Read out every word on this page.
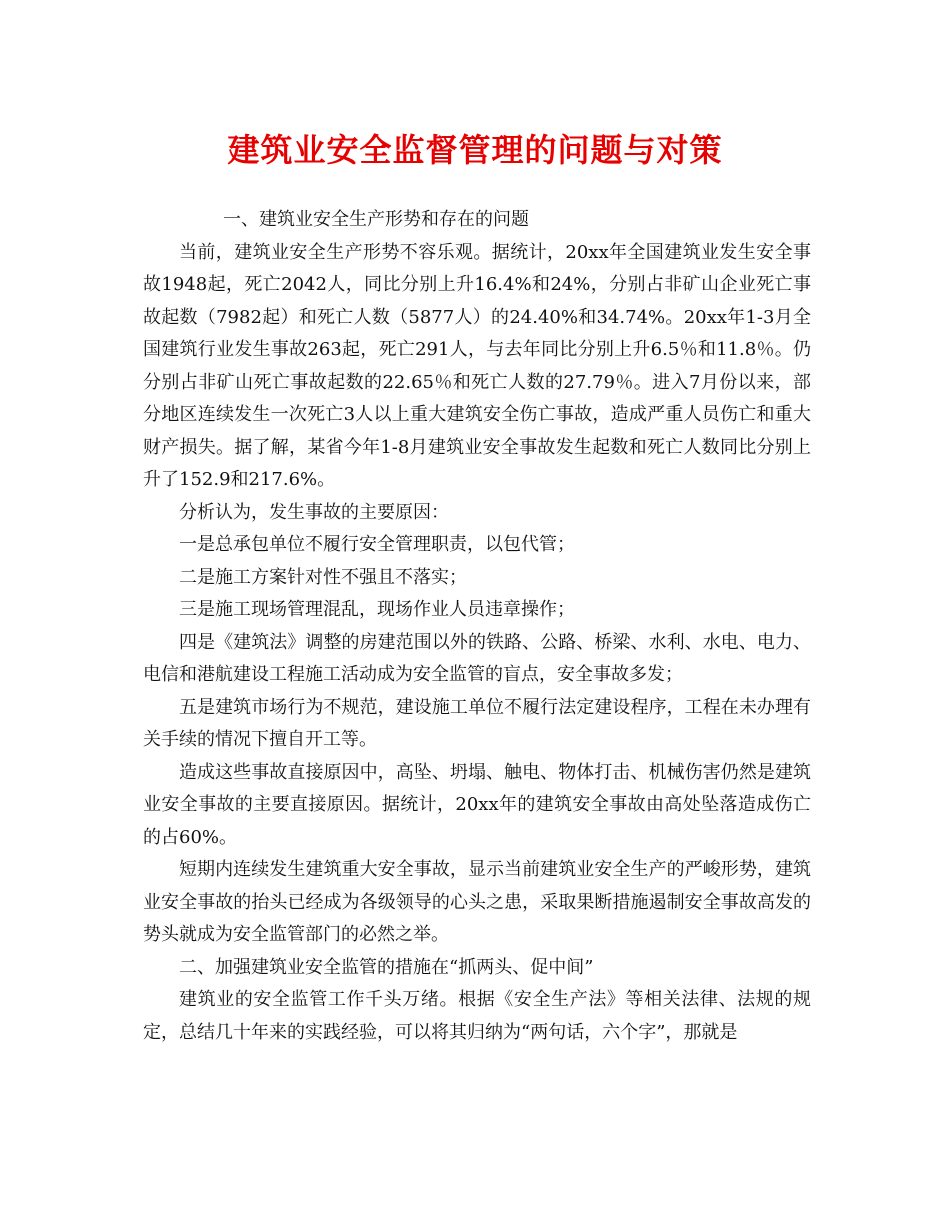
建筑业安全监督管理的问题与对策

一、建筑业安全生产形势和存在的问题

当前，建筑业安全生产形势不容乐观。据统计，20xx年全国建筑业发生安全事故1948起，死亡2042人，同比分别上升16.4%和24%，分别占非矿山企业死亡事故起数（7982起）和死亡人数（5877人）的24.40%和34.74%。20xx年1-3月全国建筑行业发生事故263起，死亡291人，与去年同比分别上升6.5％和11.8％。仍分别占非矿山死亡事故起数的22.65％和死亡人数的27.79％。进入7月份以来，部分地区连续发生一次死亡3人以上重大建筑安全伤亡事故，造成严重人员伤亡和重大财产损失。据了解，某省今年1-8月建筑业安全事故发生起数和死亡人数同比分别上升了152.9和217.6%。

分析认为，发生事故的主要原因：

一是总承包单位不履行安全管理职责，以包代管；

二是施工方案针对性不强且不落实；

三是施工现场管理混乱，现场作业人员违章操作；

四是《建筑法》调整的房建范围以外的铁路、公路、桥梁、水利、水电、电力、电信和港航建设工程施工活动成为安全监管的盲点，安全事故多发；

五是建筑市场行为不规范，建设施工单位不履行法定建设程序，工程在未办理有关手续的情况下擅自开工等。

造成这些事故直接原因中，高坠、坍塌、触电、物体打击、机械伤害仍然是建筑业安全事故的主要直接原因。据统计，20xx年的建筑安全事故由高处坠落造成伤亡的占60%。

短期内连续发生建筑重大安全事故，显示当前建筑业安全生产的严峻形势，建筑业安全事故的抬头已经成为各级领导的心头之患，采取果断措施遏制安全事故高发的势头就成为安全监管部门的必然之举。

二、加强建筑业安全监管的措施在“抓两头、促中间”

建筑业的安全监管工作千头万绪。根据《安全生产法》等相关法律、法规的规定，总结几十年来的实践经验，可以将其归纳为“两句话，六个字”，那就是
